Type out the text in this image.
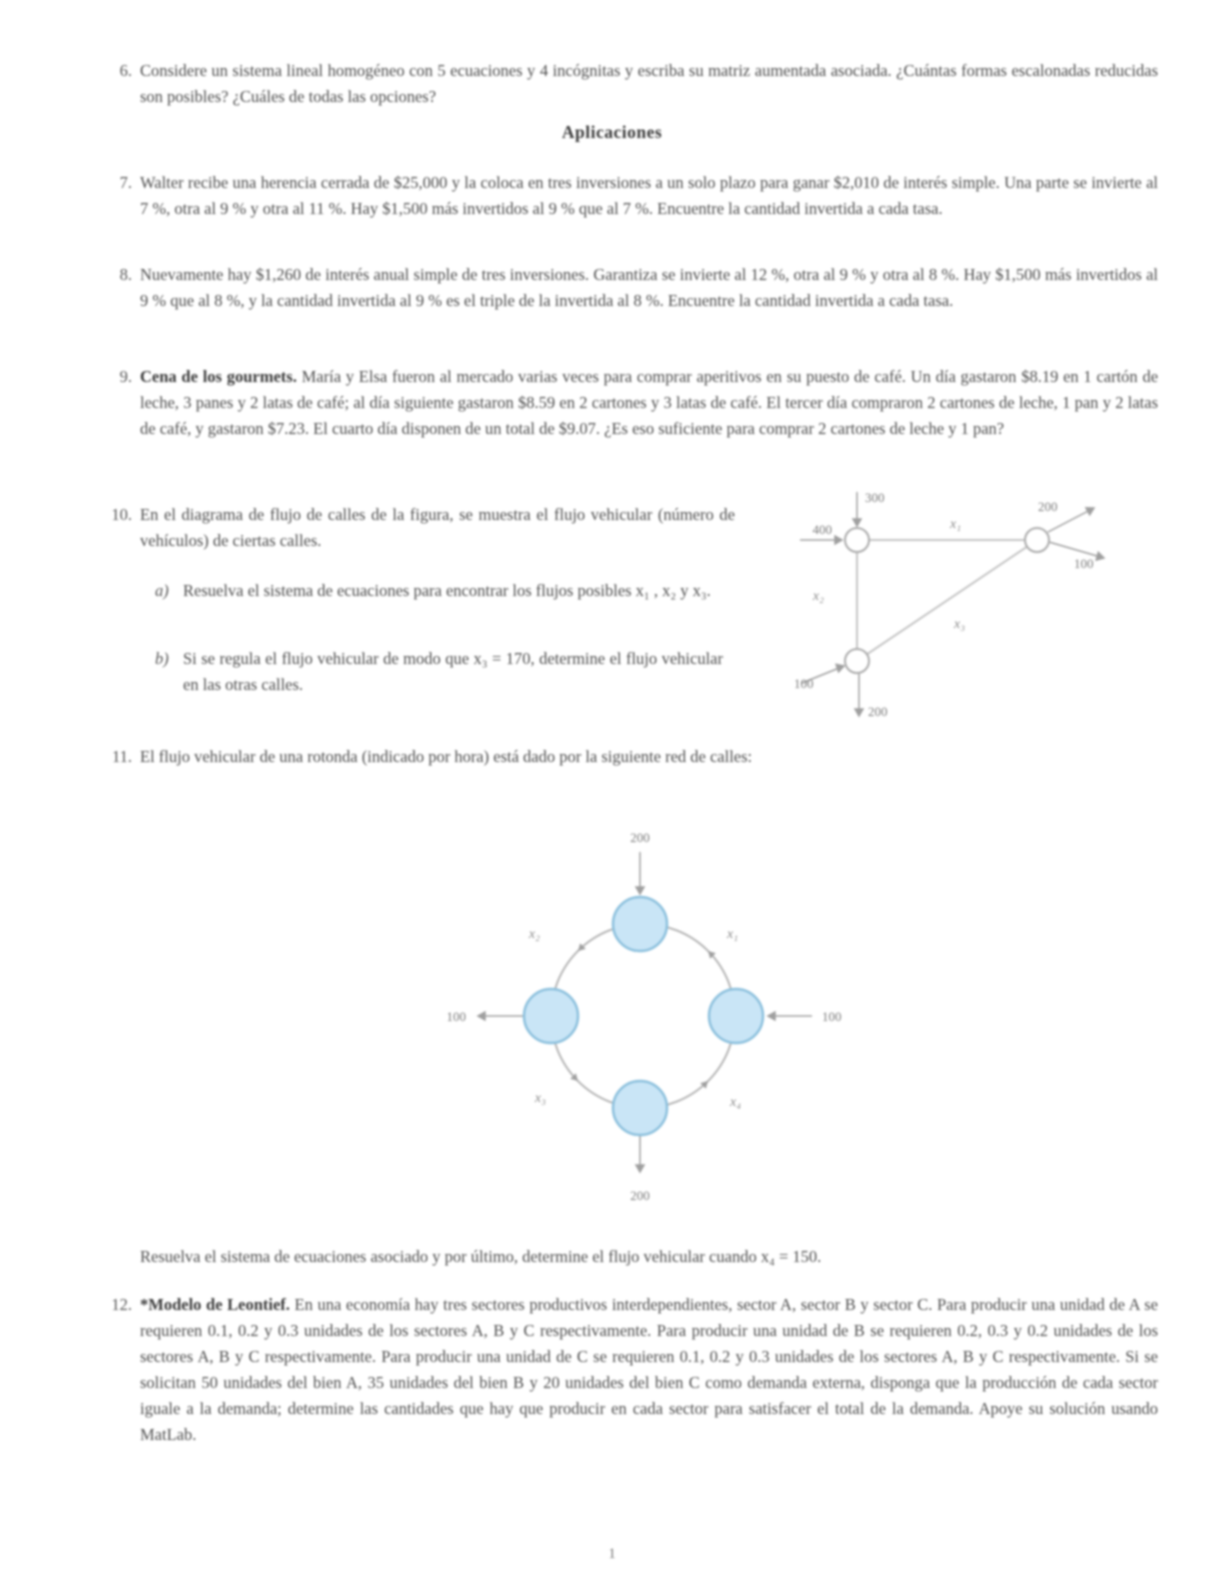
6. Considere un sistema lineal homogéneo con 5 ecuaciones y 4 incógnitas y escriba su matriz aumentada asociada. ¿Cuántas formas escalonadas reducidas son posibles? ¿Cuáles de todas las opciones?

Aplicaciones
7. Walter recibe una herencia cerrada de $25,000 y la coloca en tres inversiones a un solo plazo para ganar $2,010 de interés simple. Una parte se invierte al 7 %, otra al 9 % y otra al 11 %. Hay $1,500 más invertidos al 9 % que al 7 %. Encuentre la cantidad invertida a cada tasa.

8. Nuevamente hay $1,260 de interés anual simple de tres inversiones. Garantiza se invierte al 12 %, otra al 9 % y otra al 8 %. Hay $1,500 más invertidos al 9 % que al 8 %, y la cantidad invertida al 9 % es el triple de la invertida al 8 %. Encuentre la cantidad invertida a cada tasa.

9. Cena de los gourmets. María y Elsa fueron al mercado varias veces para comprar aperitivos en su puesto de café. Un día gastaron $8.19 en 1 cartón de leche, 3 panes y 2 latas de café; al día siguiente gastaron $8.59 en 2 cartones y 3 latas de café. El tercer día compraron 2 cartones de leche, 1 pan y 2 latas de café, y gastaron $7.23. El cuarto día disponen de un total de $9.07. ¿Es eso suficiente para comprar 2 cartones de leche y 1 pan?

10. En el diagrama de flujo de calles de la figura, se muestra el flujo vehicular (número de vehículos) de ciertas calles.

a) Resuelva el sistema de ecuaciones para encontrar los flujos posibles x₁ , x₂ y x₃.

b) Si se regula el flujo vehicular de modo que x₃ = 170, determine el flujo vehicular en las otras calles.

300
400
200
100
100
200
x₁
x₂
x₃
11. El flujo vehicular de una rotonda (indicado por hora) está dado por la siguiente red de calles:

200
200
100	100
x₁
x₂
x₃	x₄
Resuelva el sistema de ecuaciones asociado y por último, determine el flujo vehicular cuando x₄ = 150.
12. *Modelo de Leontief. En una economía hay tres sectores productivos interdependientes, sector A, sector B y sector C. Para producir una unidad de A se requieren 0.1, 0.2 y 0.3 unidades de los sectores A, B y C respectivamente. Para producir una unidad de B se requieren 0.2, 0.3 y 0.2 unidades de los sectores A, B y C respectivamente. Para producir una unidad de C se requieren 0.1, 0.2 y 0.3 unidades de los sectores A, B y C respectivamente. Si se solicitan 50 unidades del bien A, 35 unidades del bien B y 20 unidades del bien C como demanda externa, disponga que la producción de cada sector iguale a la demanda; determine las cantidades que hay que producir en cada sector para satisfacer el total de la demanda. Apoye su solución usando MatLab.

1
